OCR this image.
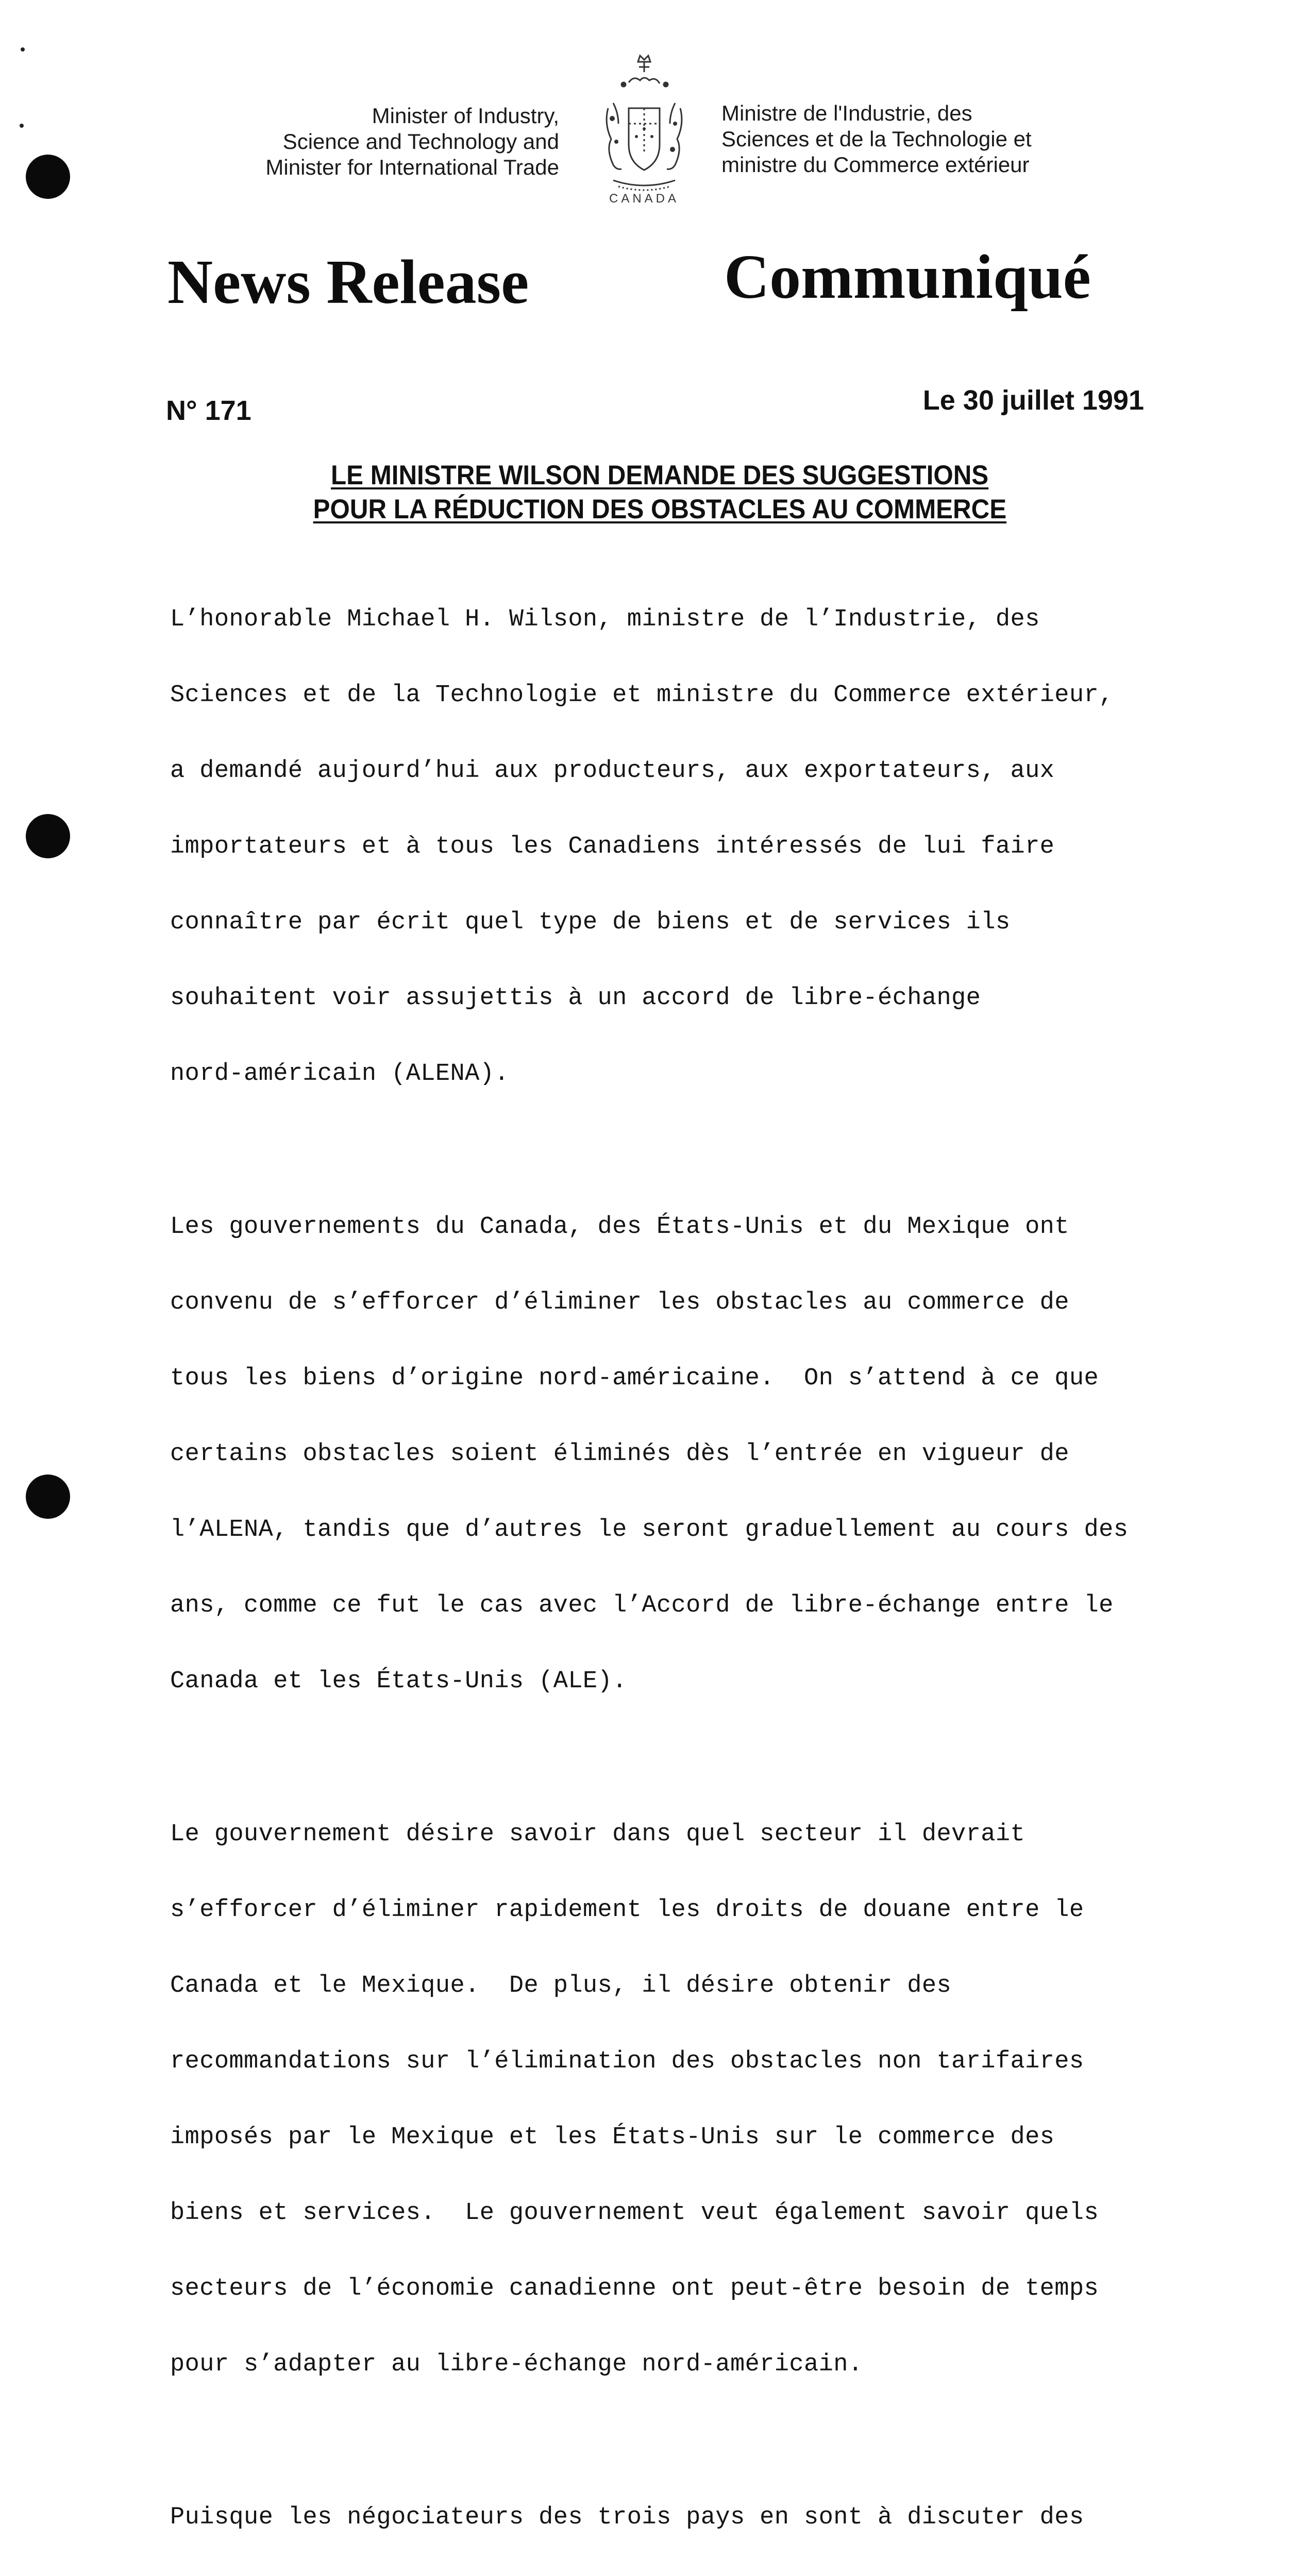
Minister of Industry,
Science and Technology and
Minister for International Trade
CANADA
Ministre de l'Industrie, des
Sciences et de la Technologie et
ministre du Commerce extérieur
News Release	Communiqué
N° 171	Le 30 juillet 1991
LE MINISTRE WILSON DEMANDE DES SUGGESTIONS
POUR LA RÉDUCTION DES OBSTACLES AU COMMERCE

L’honorable Michael H. Wilson, ministre de l’Industrie, des

Sciences et de la Technologie et ministre du Commerce extérieur,

a demandé aujourd’hui aux producteurs, aux exportateurs, aux

importateurs et à tous les Canadiens intéressés de lui faire

connaître par écrit quel type de biens et de services ils

souhaitent voir assujettis à un accord de libre-échange

nord-américain (ALENA).

Les gouvernements du Canada, des États-Unis et du Mexique ont

convenu de s’efforcer d’éliminer les obstacles au commerce de

tous les biens d’origine nord-américaine.  On s’attend à ce que

certains obstacles soient éliminés dès l’entrée en vigueur de

l’ALENA, tandis que d’autres le seront graduellement au cours des

ans, comme ce fut le cas avec l’Accord de libre-échange entre le

Canada et les États-Unis (ALE).

Le gouvernement désire savoir dans quel secteur il devrait

s’efforcer d’éliminer rapidement les droits de douane entre le

Canada et le Mexique.  De plus, il désire obtenir des

recommandations sur l’élimination des obstacles non tarifaires

imposés par le Mexique et les États-Unis sur le commerce des

biens et services.  Le gouvernement veut également savoir quels

secteurs de l’économie canadienne ont peut-être besoin de temps

pour s’adapter au libre-échange nord-américain.

Puisque les négociateurs des trois pays en sont à discuter des
